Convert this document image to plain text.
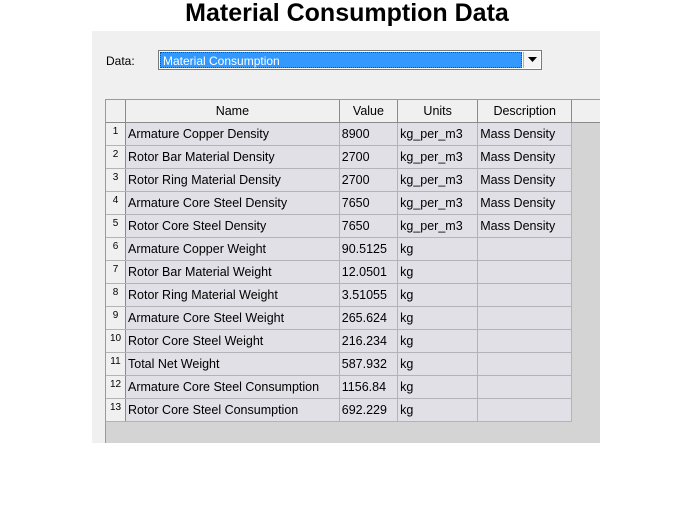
Material Consumption Data
Data: Material Consumption
	Name	Value	Units	Description	
1	Armature Copper Density	8900	kg_per_m3	Mass Density	
2	Rotor Bar Material Density	2700	kg_per_m3	Mass Density	
3	Rotor Ring Material Density	2700	kg_per_m3	Mass Density	
4	Armature Core Steel Density	7650	kg_per_m3	Mass Density	
5	Rotor Core Steel Density	7650	kg_per_m3	Mass Density	
6	Armature Copper Weight	90.5125	kg		
7	Rotor Bar Material Weight	12.0501	kg		
8	Rotor Ring Material Weight	3.51055	kg		
9	Armature Core Steel Weight	265.624	kg		
10	Rotor Core Steel Weight	216.234	kg		
11	Total Net Weight	587.932	kg		
12	Armature Core Steel Consumption	1156.84	kg		
13	Rotor Core Steel Consumption	692.229	kg		
